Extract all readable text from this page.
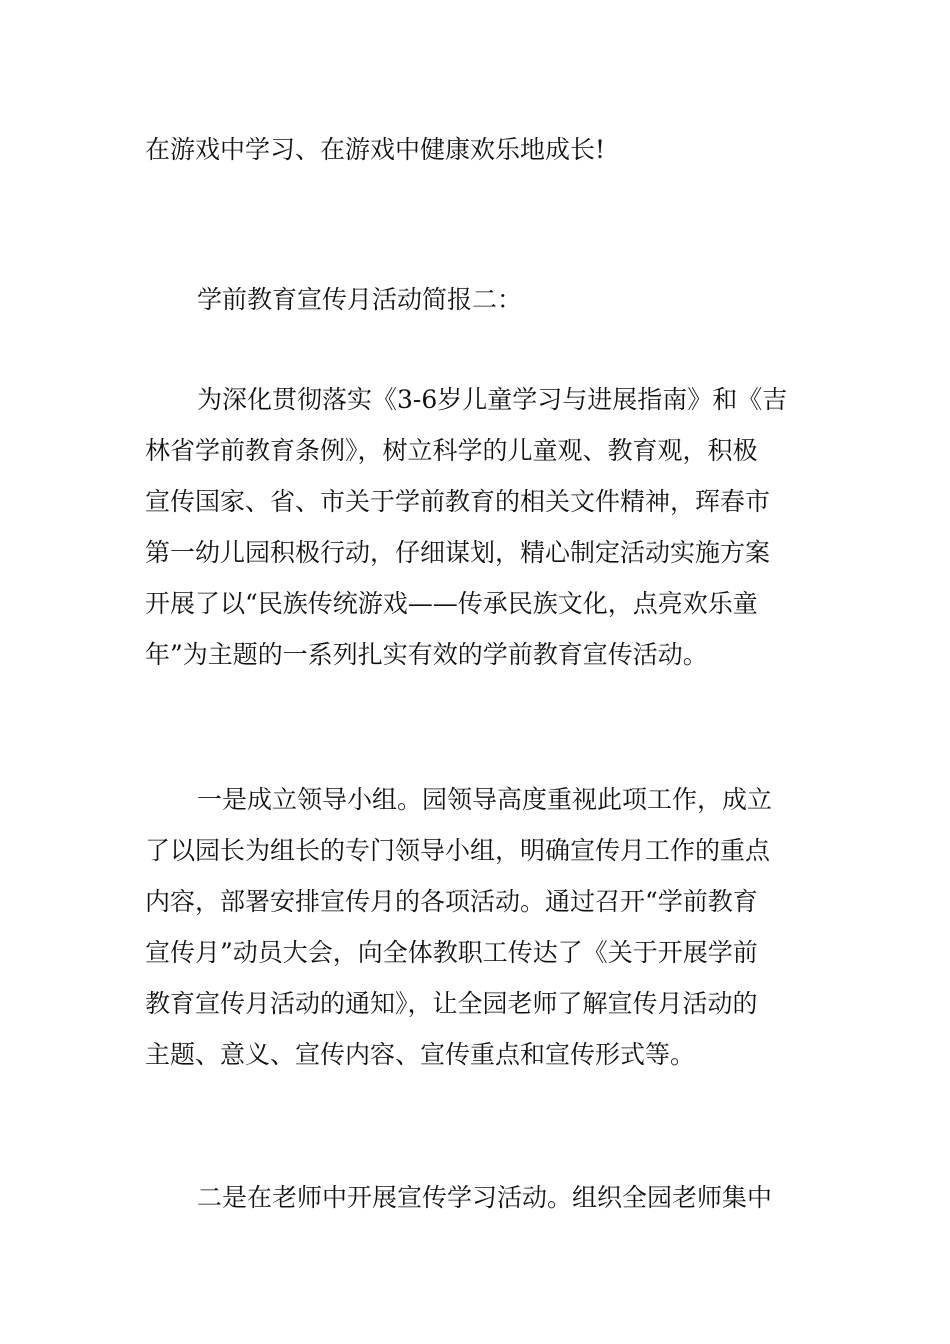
在游戏中学习、在游戏中健康欢乐地成长!
学前教育宣传月活动简报二：
为深化贯彻落实《3-6岁儿童学习与进展指南》和《吉
林省学前教育条例》，树立科学的儿童观、教育观，积极
宣传国家、省、市关于学前教育的相关文件精神，珲春市
第一幼儿园积极行动，仔细谋划，精心制定活动实施方案
开展了以“民族传统游戏——传承民族文化，点亮欢乐童
年”为主题的一系列扎实有效的学前教育宣传活动。
一是成立领导小组。园领导高度重视此项工作，成立
了以园长为组长的专门领导小组，明确宣传月工作的重点
内容，部署安排宣传月的各项活动。通过召开“学前教育
宣传月”动员大会，向全体教职工传达了《关于开展学前
教育宣传月活动的通知》，让全园老师了解宣传月活动的
主题、意义、宣传内容、宣传重点和宣传形式等。
二是在老师中开展宣传学习活动。组织全园老师集中
